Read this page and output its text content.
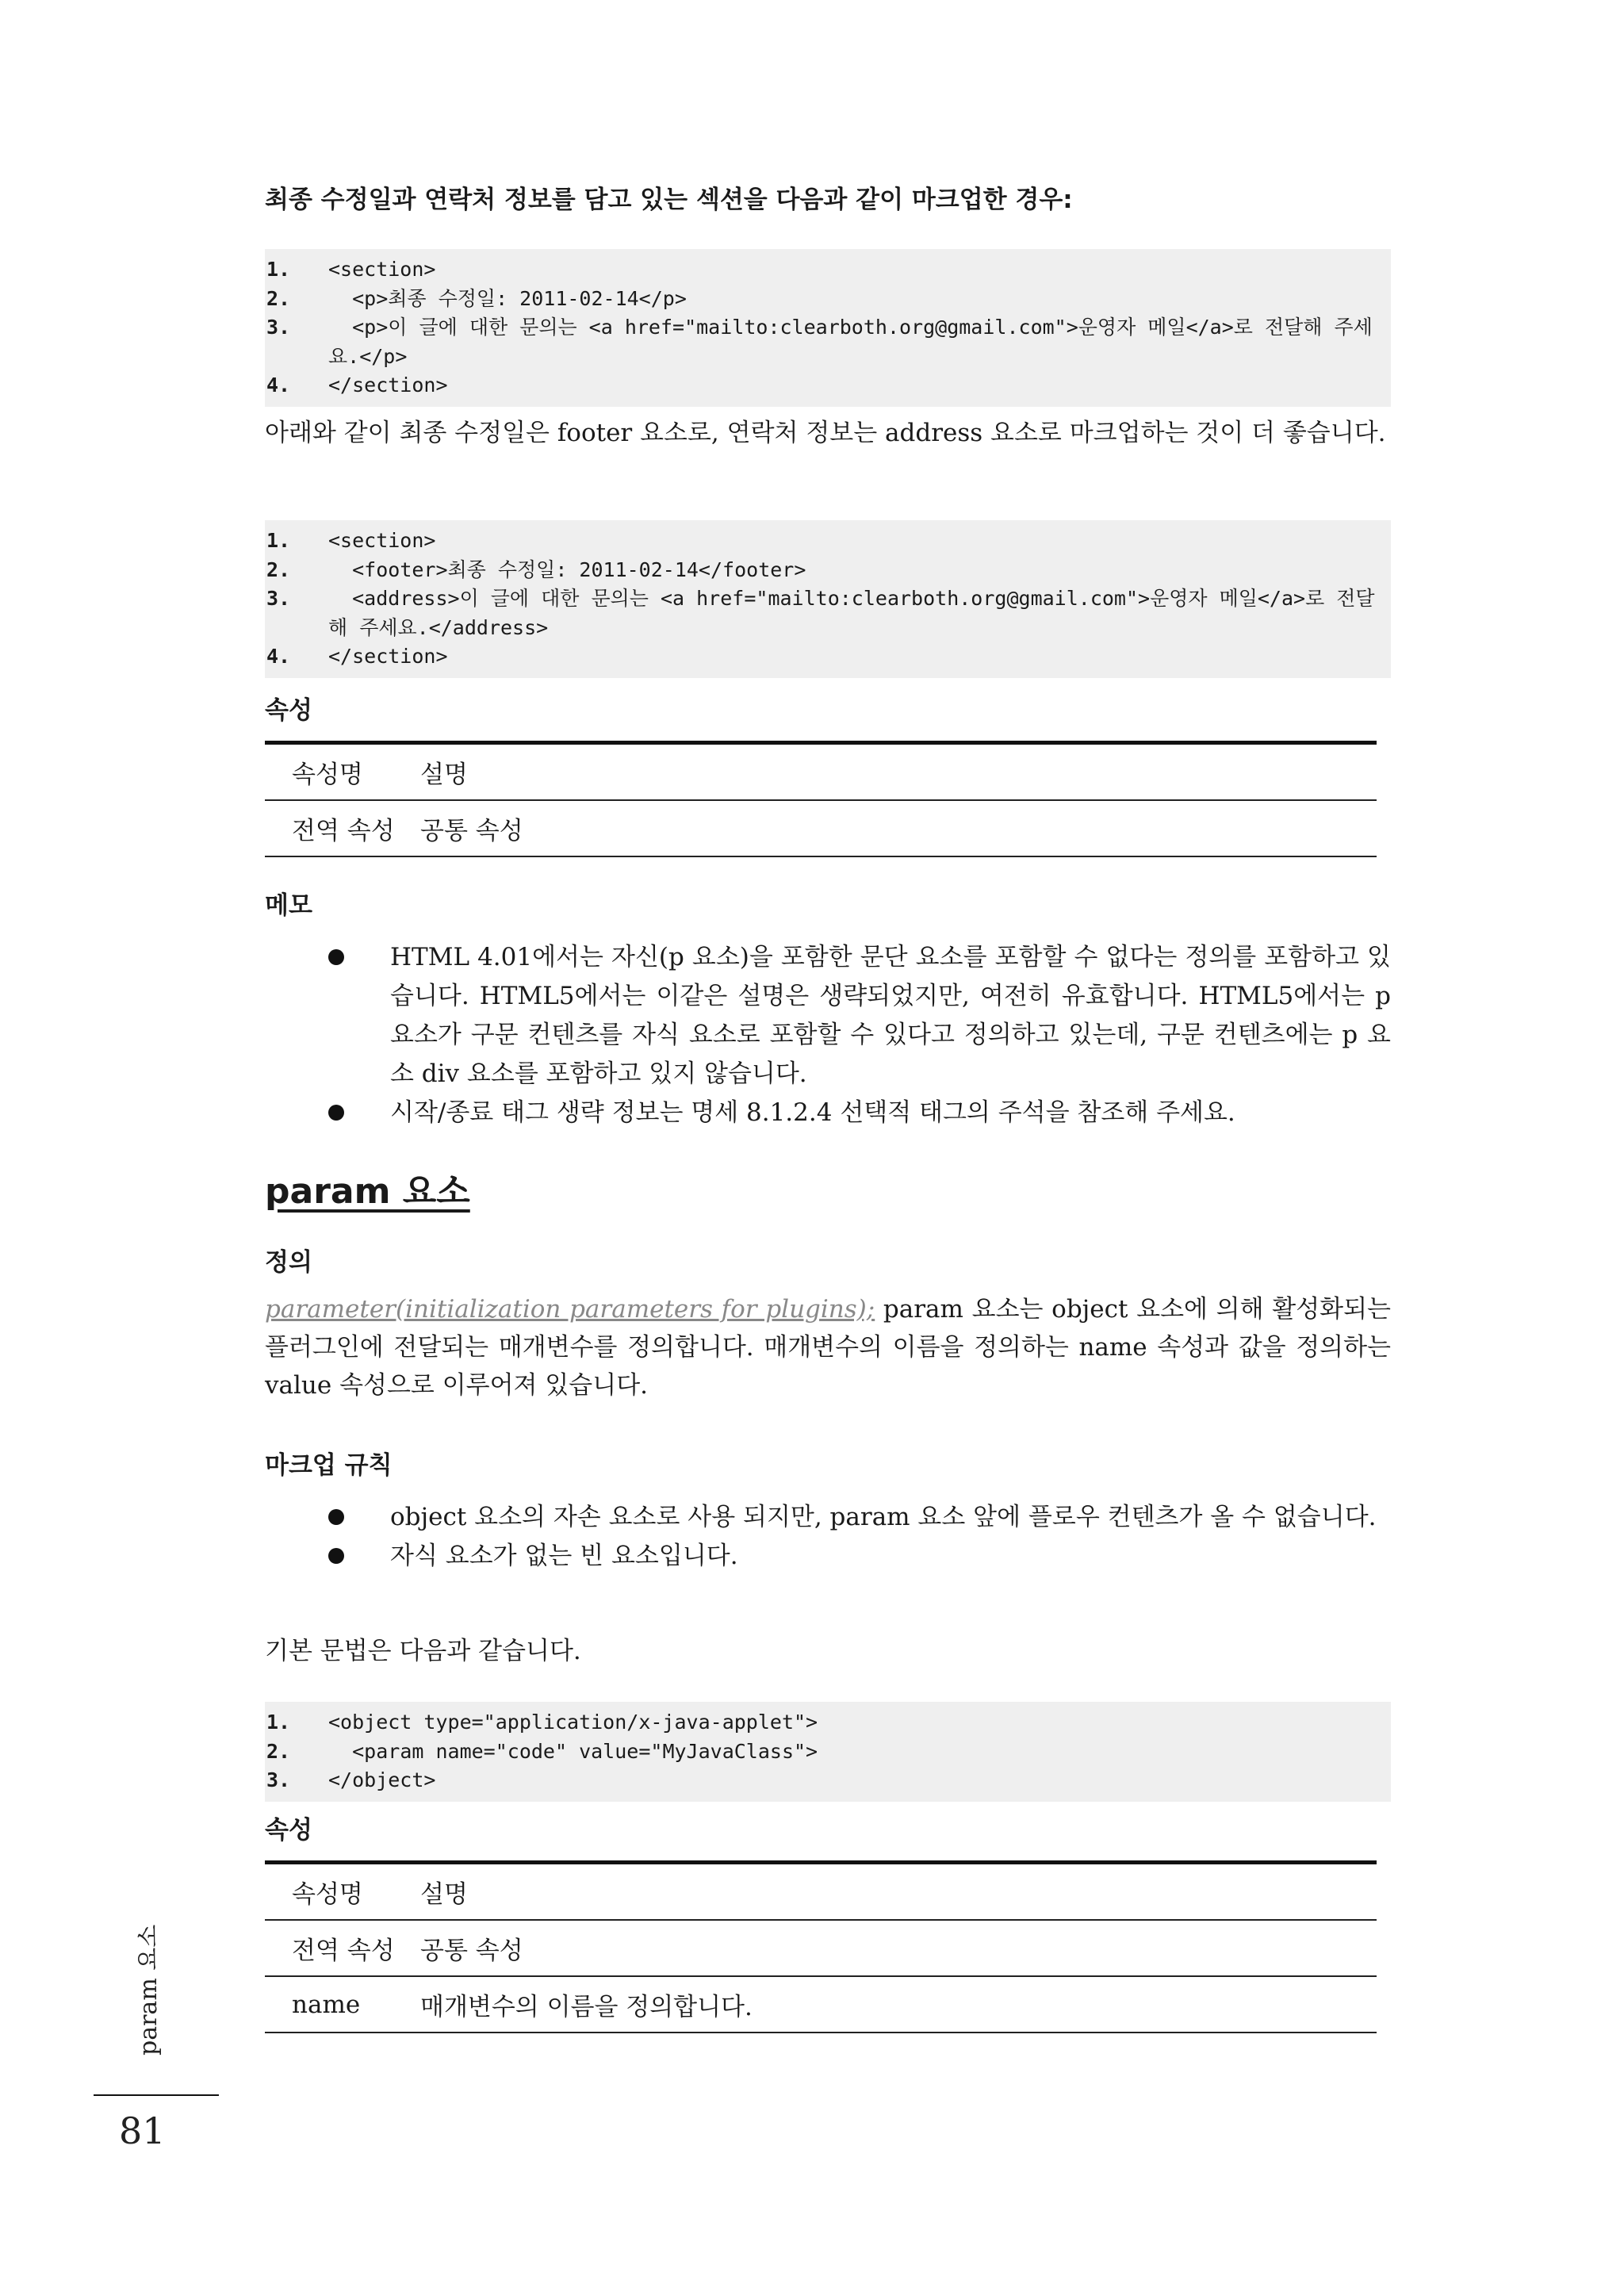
최종 수정일과 연락처 정보를 담고 있는 섹션을 다음과 같이 마크업한 경우:
1.	<section>
2.	<p>최종 수정일: 2011-02-14</p>
3.	<p>이 글에 대한 문의는 <a href="mailto:clearboth.org@gmail.com">운영자 메일</a>로 전달해 주세요.</p>
4.	</section>

아래와 같이 최종 수정일은 footer 요소로, 연락처 정보는 address 요소로 마크업하는 것이 더 좋습니다.

1.	<section>
2.	<footer>최종 수정일: 2011-02-14</footer>
3.	<address>이 글에 대한 문의는 <a href="mailto:clearboth.org@gmail.com">운영자 메일</a>로 전달해 주세요.</address>
4.	</section>
속성
속성명	설명
전역 속성	공통 속성
메모
HTML 4.01에서는 자신(p 요소)을 포함한 문단 요소를 포함할 수 없다는 정의를 포함하고 있습니다. HTML5에서는 이같은 설명은 생략되었지만, 여전히 유효합니다. HTML5에서는 p 요소가 구문 컨텐츠를 자식 요소로 포함할 수 있다고 정의하고 있는데, 구문 컨텐츠에는 p 요소 div 요소를 포함하고 있지 않습니다.
시작/종료 태그 생략 정보는 명세 8.1.2.4 선택적 태그의 주석을 참조해 주세요.
param 요소
정의

parameter(initialization parameters for plugins); param 요소는 object 요소에 의해 활성화되는 플러그인에 전달되는 매개변수를 정의합니다. 매개변수의 이름을 정의하는 name 속성과 값을 정의하는 value 속성으로 이루어져 있습니다.

마크업 규칙
object 요소의 자손 요소로 사용 되지만, param 요소 앞에 플로우 컨텐츠가 올 수 없습니다.
자식 요소가 없는 빈 요소입니다.

기본 문법은 다음과 같습니다.

1.	<object type="application/x-java-applet">
2.	<param name="code" value="MyJavaClass">
3.	</object>
속성
속성명	설명
전역 속성	공통 속성
name	매개변수의 이름을 정의합니다.
param 요소
81
